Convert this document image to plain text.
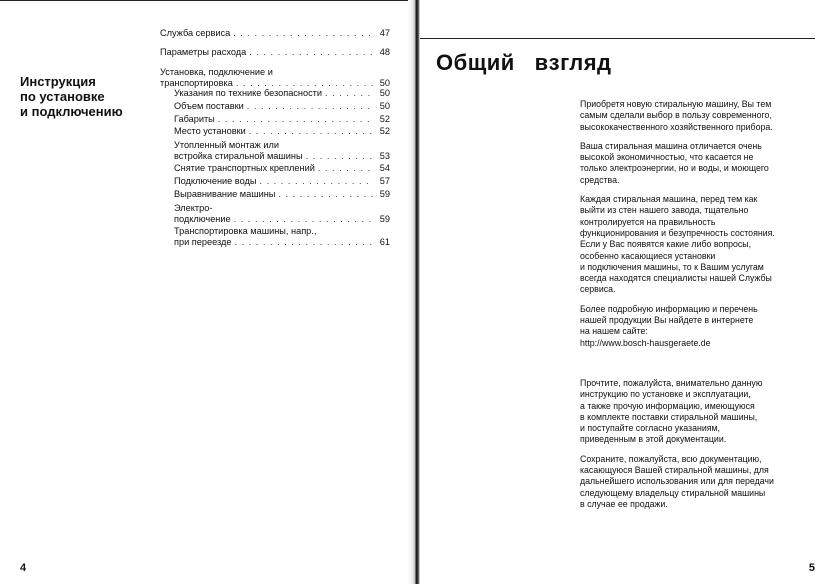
Инструкция
по установке
и подключению
Служба сервиса . . .	47
Параметры расхода . . .	48
Установка, подключение и
транспортировка . . .	50
Указания по технике безопасности . . .	50
Объем поставки . . .	50
Габариты . . .	52
Место установки . . .	52
Утопленный монтаж или
встройка стиральной машины . . .	53
Снятие транспортных креплений . . .	54
Подключение воды . . .	57
Выравнивание машины . . .	59
Электро-
подключение . . .	59
Транспортировка машины, напр.,
при переезде . . .	61
4
Общий   взгляд
Приобретя новую стиральную машину, Вы тем
самым сделали выбор в пользу современного,
высококачественного хозяйственного прибора.
Ваша стиральная машина отличается очень
высокой экономичностью, что касается не
только электроэнергии, но и воды, и моющего
средства.
Каждая стиральная машина, перед тем как
выйти из стен нашего завода, тщательно
контролируется на правильность
функционирования и безупречность состояния.
Если у Вас появятся какие либо вопросы,
особенно касающиеся установки
и подключения машины, то к Вашим услугам
всегда находятся специалисты нашей Службы
сервиса.
Более подробную информацию и перечень
нашей продукции Вы найдете в интернете
на нашем сайте:
http://www.bosch-hausgeraete.de
Прочтите, пожалуйста, внимательно данную
инструкцию по установке и эксплуатации,
а также прочую информацию, имеющуюся
в комплекте поставки стиральной машины,
и поступайте согласно указаниям,
приведенным в этой документации.
Сохраните, пожалуйста, всю документацию,
касающуюся Вашей стиральной машины, для
дальнейшего использования или для передачи
следующему владельцу стиральной машины
в случае ее продажи.
5
